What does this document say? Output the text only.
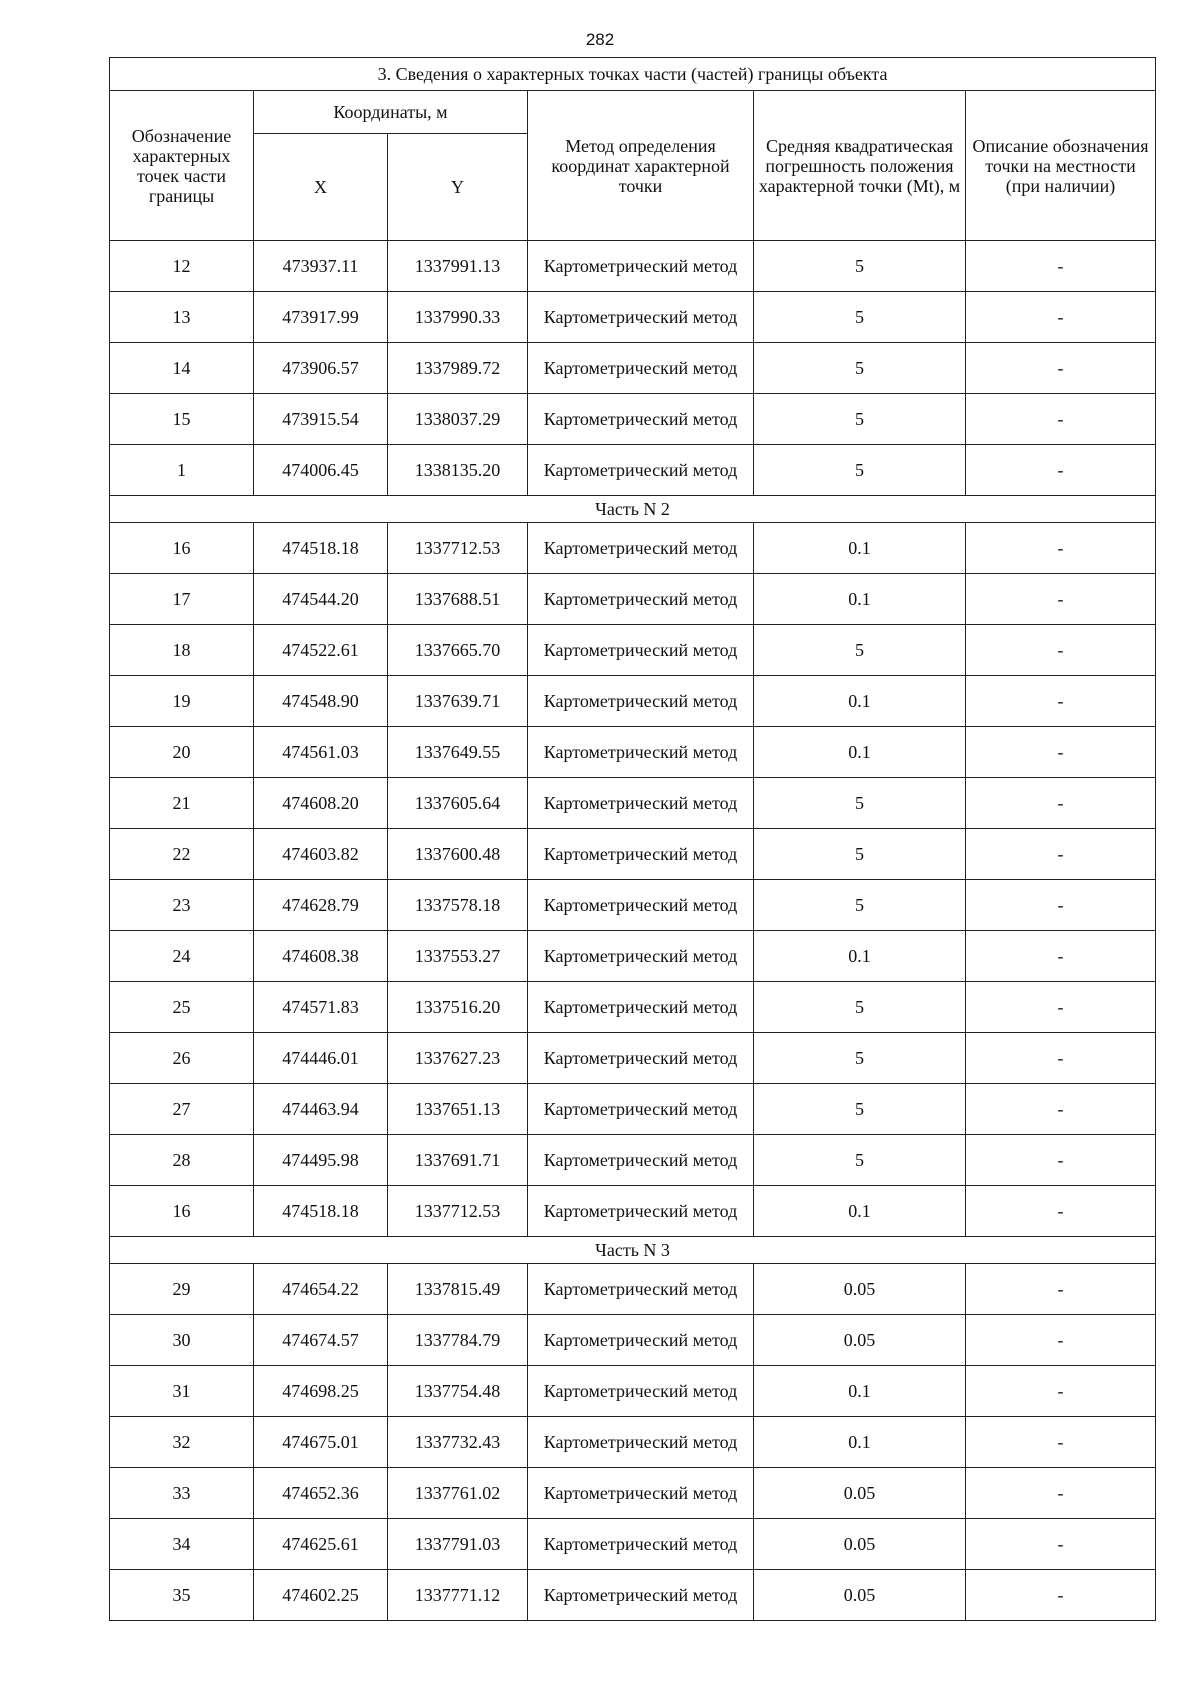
282
3. Сведения о характерных точках части (частей) границы объекта					
Обозначение характерных точек части границы	Координаты, м		Метод определения координат характерной точки	Средняя квадратическая погрешность положения характерной точки (Mt), м	Описание обозначения точки на местности (при наличии)
	X	Y			
12	473937.11	1337991.13	Картометрический метод	5	-
13	473917.99	1337990.33	Картометрический метод	5	-
14	473906.57	1337989.72	Картометрический метод	5	-
15	473915.54	1338037.29	Картометрический метод	5	-
1	474006.45	1338135.20	Картометрический метод	5	-
Часть N 2					
16	474518.18	1337712.53	Картометрический метод	0.1	-
17	474544.20	1337688.51	Картометрический метод	0.1	-
18	474522.61	1337665.70	Картометрический метод	5	-
19	474548.90	1337639.71	Картометрический метод	0.1	-
20	474561.03	1337649.55	Картометрический метод	0.1	-
21	474608.20	1337605.64	Картометрический метод	5	-
22	474603.82	1337600.48	Картометрический метод	5	-
23	474628.79	1337578.18	Картометрический метод	5	-
24	474608.38	1337553.27	Картометрический метод	0.1	-
25	474571.83	1337516.20	Картометрический метод	5	-
26	474446.01	1337627.23	Картометрический метод	5	-
27	474463.94	1337651.13	Картометрический метод	5	-
28	474495.98	1337691.71	Картометрический метод	5	-
16	474518.18	1337712.53	Картометрический метод	0.1	-
Часть N 3					
29	474654.22	1337815.49	Картометрический метод	0.05	-
30	474674.57	1337784.79	Картометрический метод	0.05	-
31	474698.25	1337754.48	Картометрический метод	0.1	-
32	474675.01	1337732.43	Картометрический метод	0.1	-
33	474652.36	1337761.02	Картометрический метод	0.05	-
34	474625.61	1337791.03	Картометрический метод	0.05	-
35	474602.25	1337771.12	Картометрический метод	0.05	-
